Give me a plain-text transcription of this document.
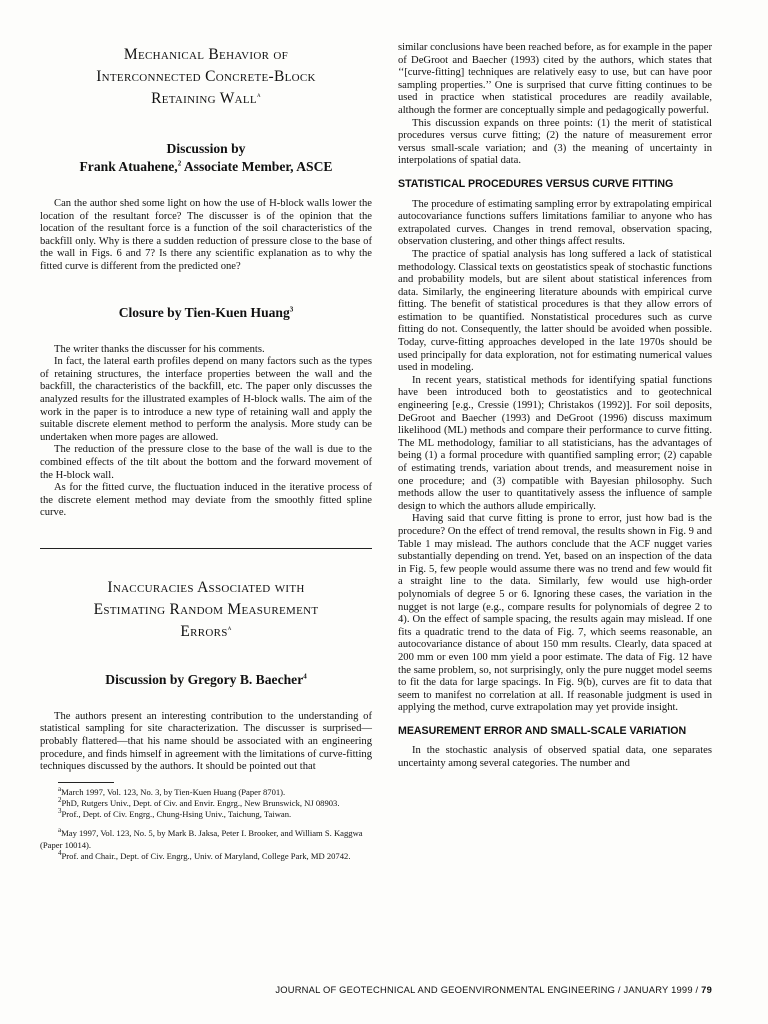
Mechanical Behavior of Interconnected Concrete-Block Retaining Wall$^a$
Discussion by
Frank Atuahene,$^2$ Associate Member, ASCE

Can the author shed some light on how the use of H-block walls lower the location of the resultant force? The discusser is of the opinion that the location of the resultant force is a function of the soil characteristics of the backfill only. Why is there a sudden reduction of pressure close to the base of the wall in Figs. 6 and 7? Is there any scientific explanation as to why the fitted curve is different from the predicted one?

Closure by Tien-Kuen Huang$^3$

The writer thanks the discusser for his comments.

In fact, the lateral earth profiles depend on many factors such as the types of retaining structures, the interface properties between the wall and the backfill, the characteristics of the backfill, etc. The paper only discusses the analyzed results for the illustrated examples of H-block walls. The aim of the work in the paper is to introduce a new type of retaining wall and apply the suitable discrete element method to perform the analysis. More study can be undertaken when more pages are allowed.

The reduction of the pressure close to the base of the wall is due to the combined effects of the tilt about the bottom and the forward movement of the H-block wall.

As for the fitted curve, the fluctuation induced in the iterative process of the discrete element method may deviate from the smoothly fitted spline curve.

Inaccuracies Associated with Estimating Random Measurement Errors$^a$
Discussion by Gregory B. Baecher$^4$

The authors present an interesting contribution to the understanding of statistical sampling for site characterization. The discusser is surprised—probably flattered—that his name should be associated with an engineering procedure, and finds himself in agreement with the limitations of curve-fitting techniques discussed by the authors. It should be pointed out that

$^a$March 1997, Vol. 123, No. 3, by Tien-Kuen Huang (Paper 8701).
$^2$PhD, Rutgers Univ., Dept. of Civ. and Envir. Engrg., New Brunswick, NJ 08903.
$^3$Prof., Dept. of Civ. Engrg., Chung-Hsing Univ., Taichung, Taiwan.
$^a$May 1997, Vol. 123, No. 5, by Mark B. Jaksa, Peter I. Brooker, and William S. Kaggwa (Paper 10014).
$^4$Prof. and Chair., Dept. of Civ. Engrg., Univ. of Maryland, College Park, MD 20742.

similar conclusions have been reached before, as for example in the paper of DeGroot and Baecher (1993) cited by the authors, which states that ‘‘[curve-fitting] techniques are relatively easy to use, but can have poor sampling properties.’’ One is surprised that curve fitting continues to be used in practice when statistical procedures are readily available, although the former are conceptually simple and pedagogically powerful.

This discussion expands on three points: (1) the merit of statistical procedures versus curve fitting; (2) the nature of measurement error versus small-scale variation; and (3) the meaning of uncertainty in interpolations of spatial data.

STATISTICAL PROCEDURES VERSUS CURVE FITTING

The procedure of estimating sampling error by extrapolating empirical autocovariance functions suffers limitations familiar to anyone who has extrapolated curves. Changes in trend removal, observation spacing, observation clustering, and other things affect results.

The practice of spatial analysis has long suffered a lack of statistical methodology. Classical texts on geostatistics speak of stochastic functions and probability models, but are silent about statistical inferences from data. Similarly, the engineering literature abounds with empirical curve fitting. The benefit of statistical procedures is that they allow errors of estimation to be quantified. Nonstatistical procedures such as curve fitting do not. Consequently, the latter should be avoided when possible. Today, curve-fitting approaches developed in the late 1970s should be used principally for data exploration, not for estimating numerical values used in modeling.

In recent years, statistical methods for identifying spatial functions have been introduced both to geostatistics and to geotechnical engineering [e.g., Cressie (1991); Christakos (1992)]. For soil deposits, DeGroot and Baecher (1993) and DeGroot (1996) discuss maximum likelihood (ML) methods and compare their performance to curve fitting. The ML methodology, familiar to all statisticians, has the advantages of being (1) a formal procedure with quantified sampling error; (2) capable of estimating trends, variation about trends, and measurement noise in one procedure; and (3) compatible with Bayesian philosophy. Such methods allow the user to quantitatively assess the influence of sample design to which the authors allude empirically.

Having said that curve fitting is prone to error, just how bad is the procedure? On the effect of trend removal, the results shown in Fig. 9 and Table 1 may mislead. The authors conclude that the ACF nugget varies substantially depending on trend. Yet, based on an inspection of the data in Fig. 5, few people would assume there was no trend and few would fit a straight line to the data. Similarly, few would use high-order polynomials of degree 5 or 6. Ignoring these cases, the variation in the nugget is not large (e.g., compare results for polynomials of degree 2 to 4). On the effect of sample spacing, the results again may mislead. If one fits a quadratic trend to the data of Fig. 7, which seems reasonable, an autocovariance distance of about 150 mm results. Clearly, data spaced at 200 mm or even 100 mm yield a poor estimate. The data of Fig. 12 have the same problem, so, not surprisingly, only the pure nugget model seems to fit the data for large spacings. In Fig. 9(b), curves are fit to data that seem to manifest no correlation at all. If reasonable judgment is used in applying the method, curve extrapolation may yet provide insight.

MEASUREMENT ERROR AND SMALL-SCALE VARIATION

In the stochastic analysis of observed spatial data, one separates uncertainty among several categories. The number and

JOURNAL OF GEOTECHNICAL AND GEOENVIRONMENTAL ENGINEERING / JANUARY 1999 / 79
